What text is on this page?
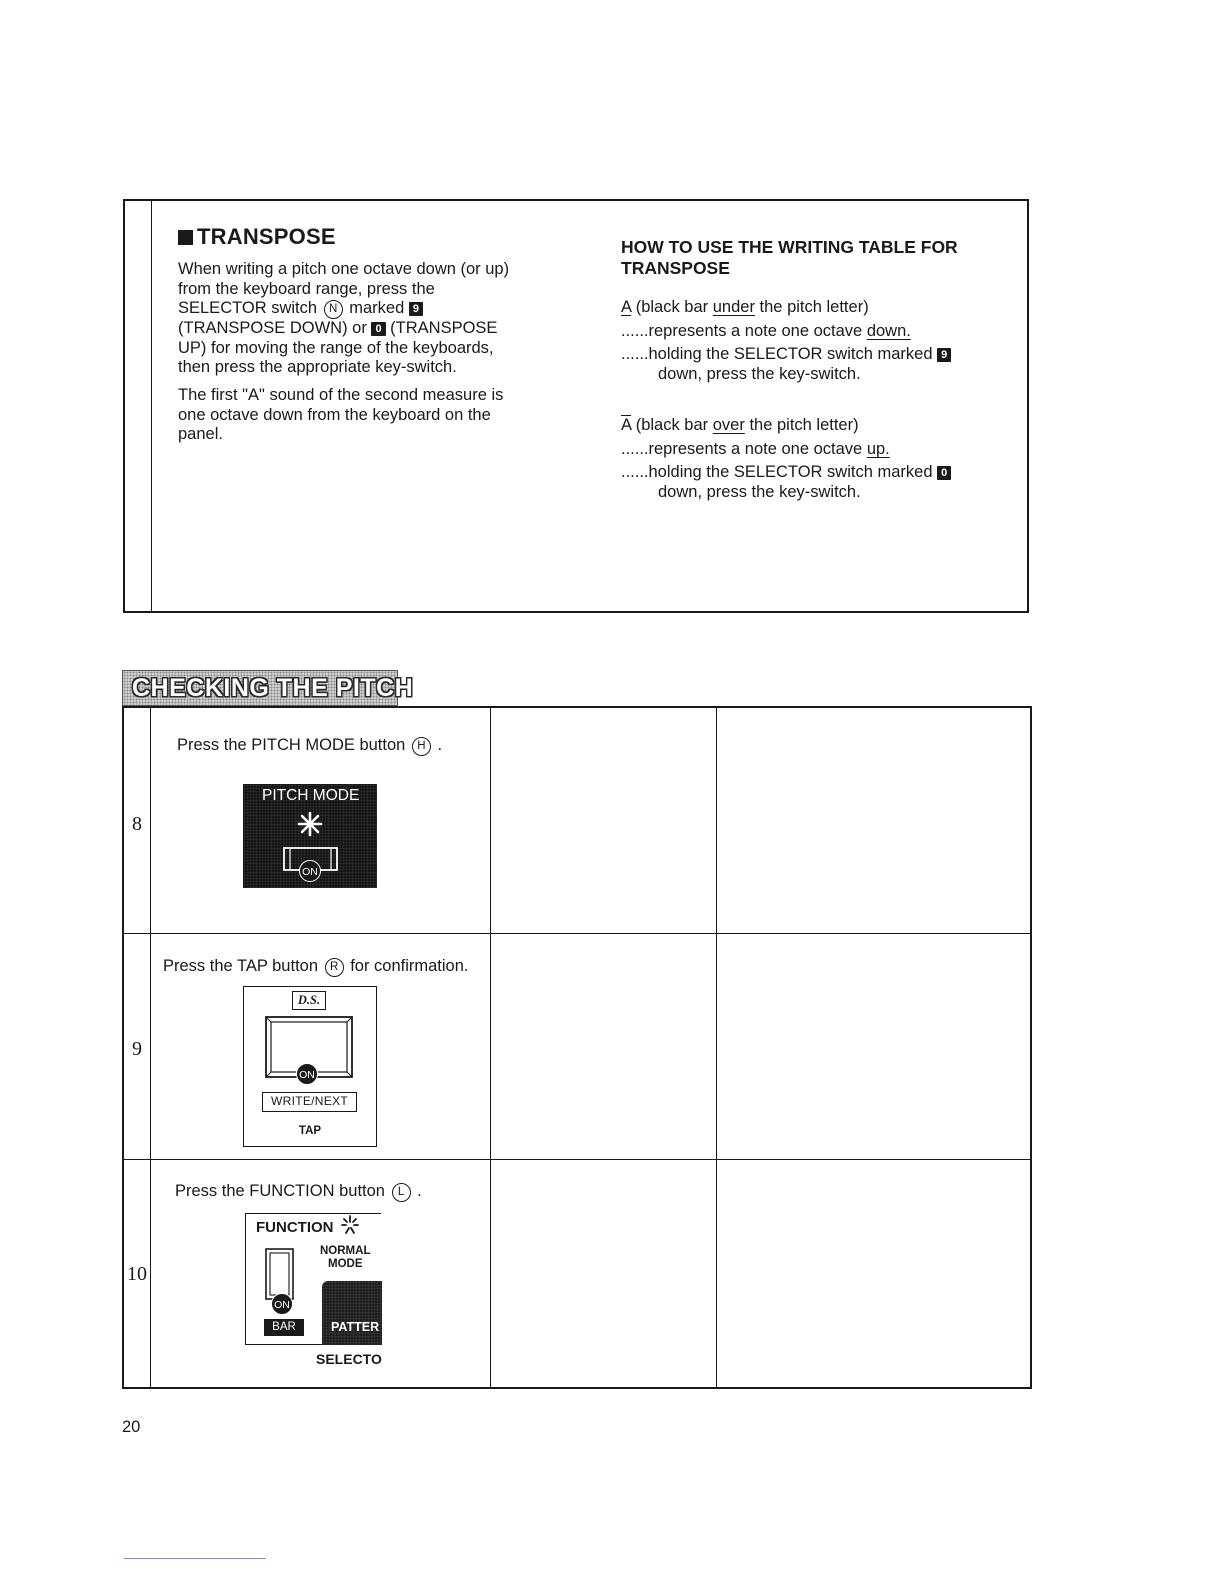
TRANSPOSE
When writing a pitch one octave down (or up)
from the keyboard range, press the
SELECTOR switch N marked 9
(TRANSPOSE DOWN) or 0 (TRANSPOSE
UP) for moving the range of the keyboards,
then press the appropriate key-switch.
The first "A" sound of the second measure is
one octave down from the keyboard on the
panel.
HOW TO USE THE WRITING TABLE FOR TRANSPOSE
A (black bar under the pitch letter)
......represents a note one octave down.
......holding the SELECTOR switch marked 9
down, press the key-switch.
$\overline{A}$ (black bar over the pitch letter)
......represents a note one octave up.
......holding the SELECTOR switch marked 0
down, press the key-switch.
CHECKING THE PITCH
8
Press the PITCH MODE button H .
PITCH MODE
ON
9
Press the TAP button R for confirmation.
D.S.
ON
WRITE/NEXT
TAP
10
Press the FUNCTION button L .
FUNCTION
NORMAL
MODE
ON
BAR	PATTER
SELECTO
20
